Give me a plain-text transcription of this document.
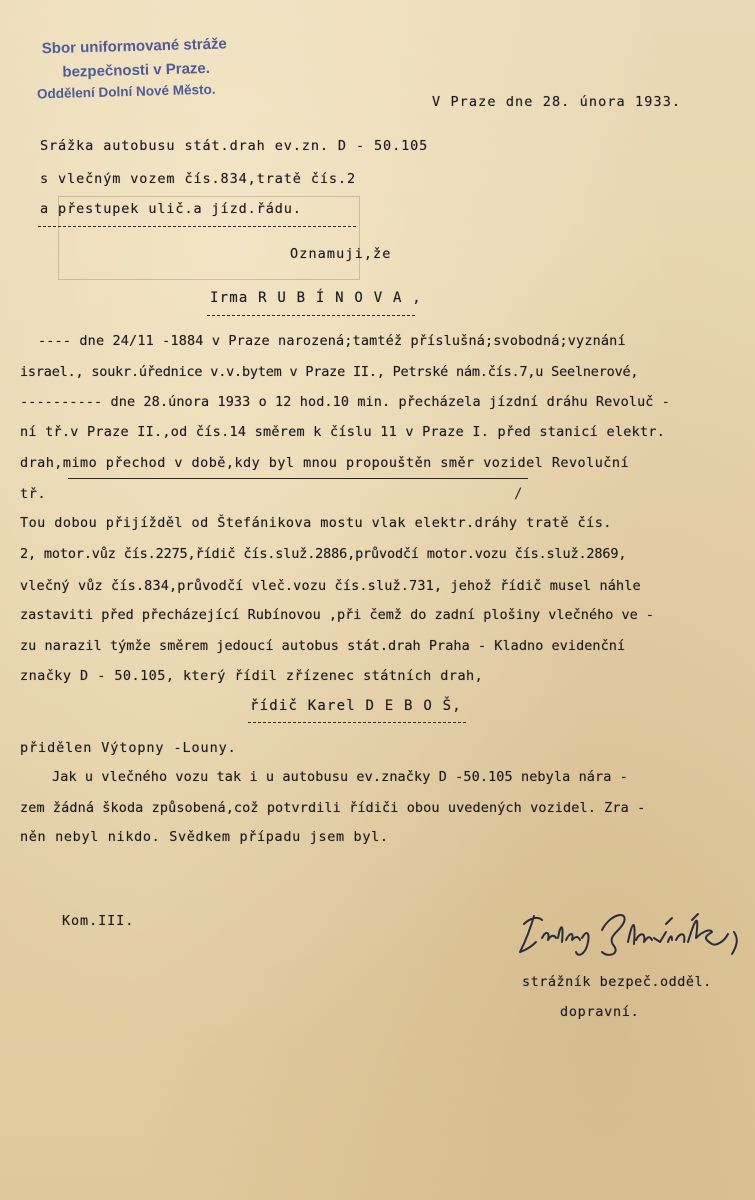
Sbor uniformované stráže
bezpečnosti v Praze.
Oddělení Dolní Nové Město.
V Praze dne 28. února 1933.
Srážka autobusu stát.drah ev.zn. D - 50.105
s vlečným vozem čís.834,tratě čís.2
a přestupek ulič.a jízd.řádu.
Oznamuji,že
Irma R U B Í N O V A ,
---- dne 24/11 -1884 v Praze narozená;tamtéž příslušná;svobodná;vyznání
israel., soukr.úřednice v.v.bytem v Praze II., Petrské nám.čís.7,u Seelnerové,
---------- dne 28.února 1933 o 12 hod.10 min. přecházela jízdní dráhu Revoluč -
ní tř.v Praze II.,od čís.14 směrem k číslu 11 v Praze I. před stanicí elektr.
drah,mimo přechod v době,kdy byl mnou propouštěn směr vozidel Revoluční
tř.	/
Tou dobou přijížděl od Štefánikova mostu vlak elektr.dráhy tratě čís.
2, motor.vůz čís.2275,řídič čís.služ.2886,průvodčí motor.vozu čís.služ.2869,
vlečný vůz čís.834,průvodčí vleč.vozu čís.služ.731, jehož řídič musel náhle
zastaviti před přecházející Rubínovou ,při čemž do zadní plošiny vlečného ve -
zu narazil týmže směrem jedoucí autobus stát.drah Praha - Kladno evidenční
značky D - 50.105, který řídil zřízenec státních drah,
řídič Karel D E B O Š,
přidělen Výtopny -Louny.
Jak u vlečného vozu tak i u autobusu ev.značky D -50.105 nebyla nára -
zem žádná škoda způsobená,což potvrdili řídiči obou uvedených vozidel. Zra -
něn nebyl nikdo. Svědkem případu jsem byl.
Kom.III.
strážník bezpeč.odděl.
dopravní.
